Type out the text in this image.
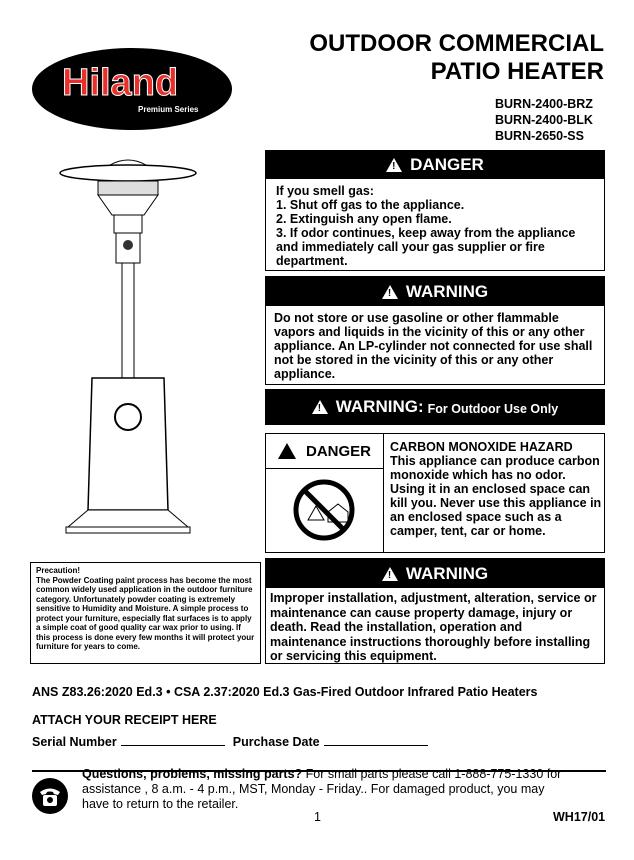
Hiland
Premium Series
OUTDOOR COMMERCIAL
PATIO HEATER
BURN-2400-BRZ
BURN-2400-BLK
BURN-2650-SS
! DANGER
If you smell gas:
1. Shut off gas to the appliance.
2. Extinguish any open flame.
3. If odor continues, keep away from the appliance
and immediately call your gas supplier or fire
department.
! WARNING
Do not store or use gasoline or other flammable vapors and liquids in the vicinity of this or any other appliance. An LP-cylinder not connected for use shall not be stored in the vicinity of this or any other appliance.
! WARNING: For Outdoor Use Only
DANGER CARBON MONOXIDE HAZARD
This appliance can produce carbon monoxide which has no odor. Using it in an enclosed space can kill you. Never use this appliance in an enclosed space such as a camper, tent, car or home.
! WARNING
Improper installation, adjustment, alteration, service or maintenance can cause property damage, injury or death. Read the installation, operation and maintenance instructions thoroughly before installing or servicing this equipment.
Precaution!
The Powder Coating paint process has become the most common widely used application in the outdoor furniture category. Unfortunately powder coating is extremely sensitive to Humidity and Moisture. A simple process to protect your furniture, especially flat surfaces is to apply a simple coat of good quality car wax prior to using. If this process is done every few months it will protect your furniture for years to come.
ANS Z83.26:2020 Ed.3 • CSA 2.37:2020 Ed.3 Gas-Fired Outdoor Infrared Patio Heaters
ATTACH YOUR RECEIPT HERE
Serial Number	Purchase Date
Questions, problems, missing parts? For small parts please call 1-888-775-1330 for assistance , 8 a.m. - 4 p.m., MST, Monday - Friday.. For damaged product, you may have to return to the retailer.
1	WH17/01
